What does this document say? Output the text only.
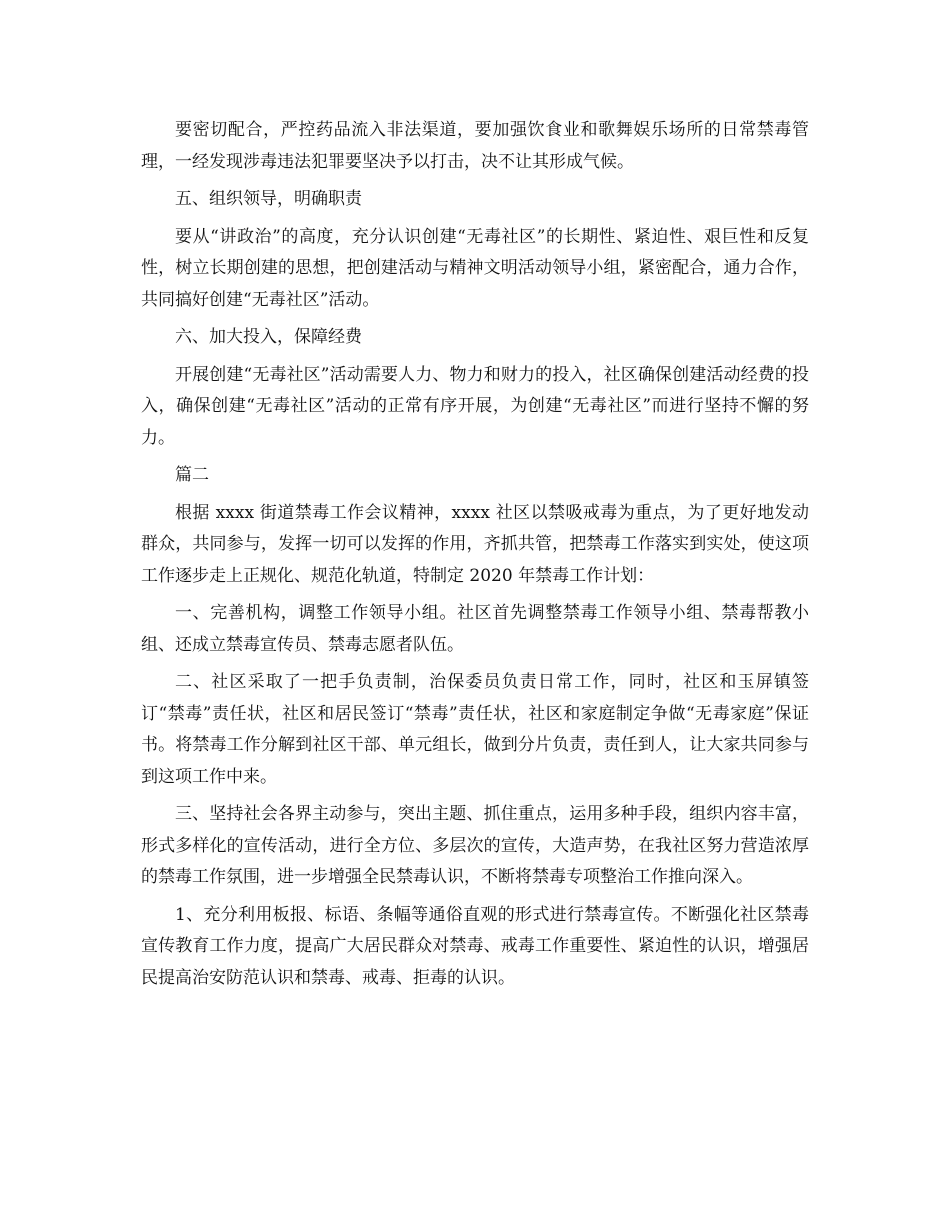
要密切配合，严控药品流入非法渠道，要加强饮食业和歌舞娱乐场所的日常禁毒管理，一经发现涉毒违法犯罪要坚决予以打击，决不让其形成气候。

五、组织领导，明确职责

要从“讲政治”的高度，充分认识创建“无毒社区”的长期性、紧迫性、艰巨性和反复性，树立长期创建的思想，把创建活动与精神文明活动领导小组，紧密配合，通力合作，共同搞好创建“无毒社区”活动。

六、加大投入，保障经费

开展创建“无毒社区”活动需要人力、物力和财力的投入，社区确保创建活动经费的投入，确保创建“无毒社区”活动的正常有序开展，为创建“无毒社区”而进行坚持不懈的努力。

篇二

根据 xxxx 街道禁毒工作会议精神，xxxx 社区以禁吸戒毒为重点，为了更好地发动群众，共同参与，发挥一切可以发挥的作用，齐抓共管，把禁毒工作落实到实处，使这项工作逐步走上正规化、规范化轨道，特制定 2020 年禁毒工作计划：

一、完善机构，调整工作领导小组。社区首先调整禁毒工作领导小组、禁毒帮教小组、还成立禁毒宣传员、禁毒志愿者队伍。

二、社区采取了一把手负责制，治保委员负责日常工作，同时，社区和玉屏镇签订“禁毒”责任状，社区和居民签订“禁毒”责任状，社区和家庭制定争做“无毒家庭”保证书。将禁毒工作分解到社区干部、单元组长，做到分片负责，责任到人，让大家共同参与到这项工作中来。

三、坚持社会各界主动参与，突出主题、抓住重点，运用多种手段，组织内容丰富，形式多样化的宣传活动，进行全方位、多层次的宣传，大造声势，在我社区努力营造浓厚的禁毒工作氛围，进一步增强全民禁毒认识，不断将禁毒专项整治工作推向深入。

1、充分利用板报、标语、条幅等通俗直观的形式进行禁毒宣传。不断强化社区禁毒宣传教育工作力度，提高广大居民群众对禁毒、戒毒工作重要性、紧迫性的认识，增强居民提高治安防范认识和禁毒、戒毒、拒毒的认识。
